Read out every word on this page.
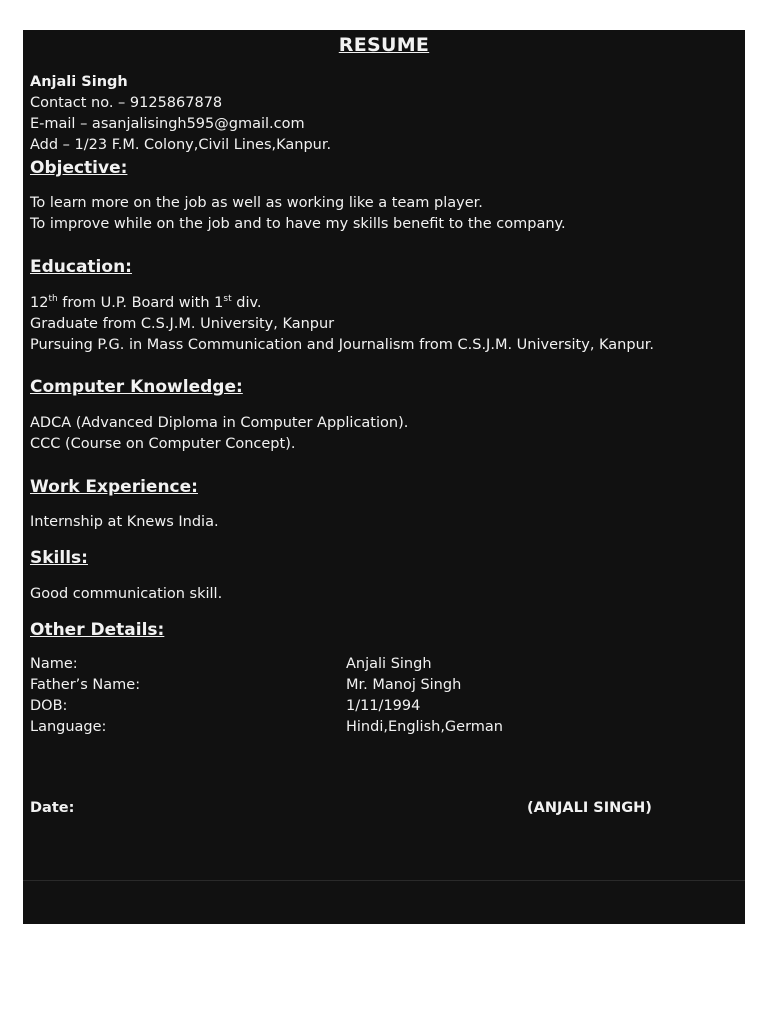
RESUME
Anjali Singh
Contact no. – 9125867878
E-mail – asanjalisingh595@gmail.com
Add – 1/23 F.M. Colony,Civil Lines,Kanpur.
Objective:
To learn more on the job as well as working like a team player.
To improve while on the job and to have my skills benefit to the company.
Education:
12th from U.P. Board with 1st div.
Graduate from C.S.J.M. University, Kanpur
Pursuing P.G. in Mass Communication and Journalism from C.S.J.M. University, Kanpur.
Computer Knowledge:
ADCA (Advanced Diploma in Computer Application).
CCC (Course on Computer Concept).
Work Experience:
Internship at Knews India.
Skills:
Good communication skill.
Other Details:
Name:	Anjali Singh
Father’s Name:	Mr. Manoj Singh
DOB:	1/11/1994
Language:	Hindi,English,German
Date:	(ANJALI SINGH)
